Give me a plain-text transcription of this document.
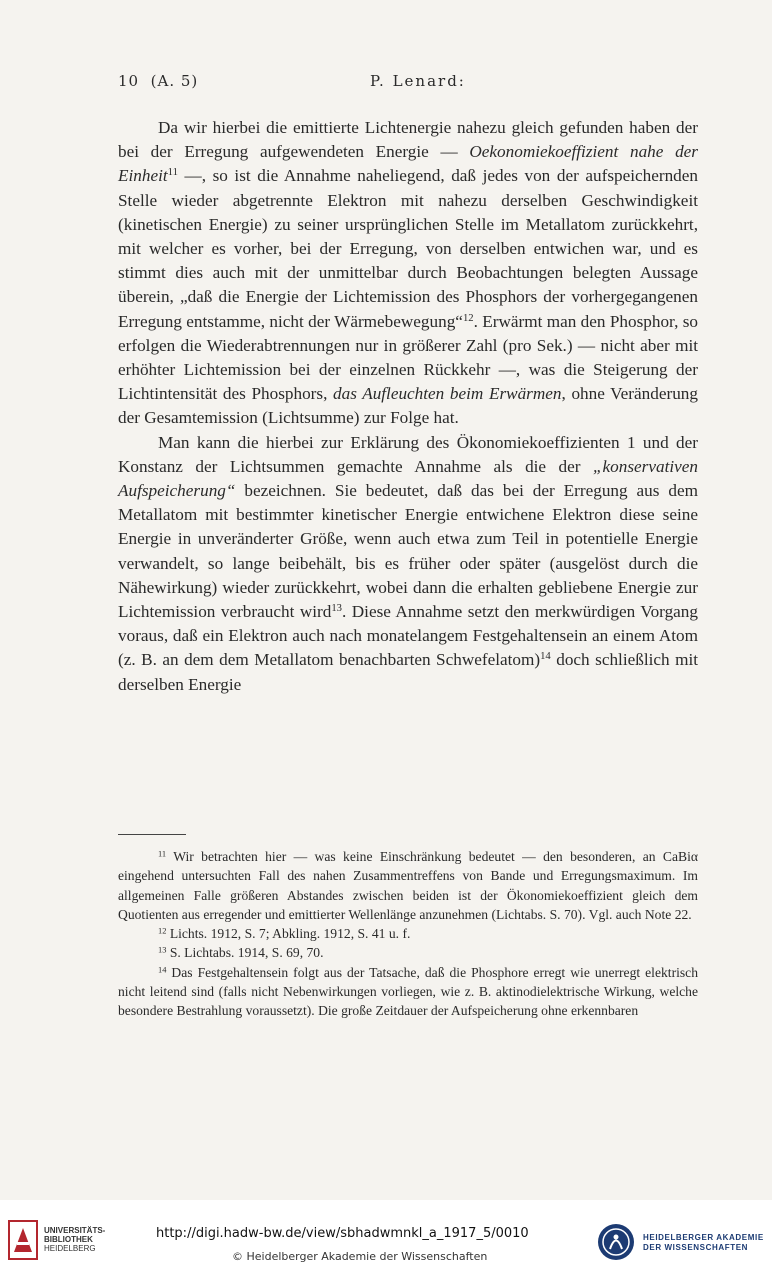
10 (A. 5)	P. Lenard:

Da wir hierbei die emittierte Lichtenergie nahezu gleich gefunden haben der bei der Erregung aufgewendeten Energie — Oekonomiekoeffizient nahe der Einheit$^{11}$ —, so ist die Annahme naheliegend, daß jedes von der aufspeichernden Stelle wieder abgetrennte Elektron mit nahezu derselben Geschwindigkeit (kinetischen Energie) zu seiner ursprünglichen Stelle im Metallatom zurückkehrt, mit welcher es vorher, bei der Erregung, von derselben entwichen war, und es stimmt dies auch mit der unmittelbar durch Beobachtungen belegten Aussage überein, „daß die Energie der Lichtemission des Phosphors der vorhergegangenen Erregung entstamme, nicht der Wärmebewegung“$^{12}$. Erwärmt man den Phosphor, so erfolgen die Wiederabtrennungen nur in größerer Zahl (pro Sek.) — nicht aber mit erhöhter Lichtemission bei der einzelnen Rückkehr —, was die Steigerung der Lichtintensität des Phosphors, das Aufleuchten beim Erwärmen, ohne Veränderung der Gesamtemission (Lichtsumme) zur Folge hat.

Man kann die hierbei zur Erklärung des Ökonomiekoeffizienten 1 und der Konstanz der Lichtsummen gemachte Annahme als die der „konservativen Aufspeicherung“ bezeichnen. Sie bedeutet, daß das bei der Erregung aus dem Metallatom mit bestimmter kinetischer Energie entwichene Elektron diese seine Energie in unveränderter Größe, wenn auch etwa zum Teil in potentielle Energie verwandelt, so lange beibehält, bis es früher oder später (ausgelöst durch die Nähewirkung) wieder zurückkehrt, wobei dann die erhalten gebliebene Energie zur Lichtemission verbraucht wird$^{13}$. Diese Annahme setzt den merkwürdigen Vorgang voraus, daß ein Elektron auch nach monatelangem Festgehaltensein an einem Atom (z. B. an dem dem Metallatom benachbarten Schwefelatom)$^{14}$ doch schließlich mit derselben Energie

$^{11}$ Wir betrachten hier — was keine Einschränkung bedeutet — den besonderen, an CaBiα eingehend untersuchten Fall des nahen Zusammentreffens von Bande und Erregungsmaximum. Im allgemeinen Falle größeren Abstandes zwischen beiden ist der Ökonomiekoeffizient gleich dem Quotienten aus erregender und emittierter Wellenlänge anzunehmen (Lichtabs. S. 70). Vgl. auch Note 22.

$^{12}$ Lichts. 1912, S. 7; Abkling. 1912, S. 41 u. f.

$^{13}$ S. Lichtabs. 1914, S. 69, 70.

$^{14}$ Das Festgehaltensein folgt aus der Tatsache, daß die Phosphore erregt wie unerregt elektrisch nicht leitend sind (falls nicht Nebenwirkungen vorliegen, wie z. B. aktinodielektrische Wirkung, welche besondere Bestrahlung voraussetzt). Die große Zeitdauer der Aufspeicherung ohne erkennbaren

UNIVERSITÄTS-
BIBLIOTHEK
HEIDELBERG
http://digi.hadw-bw.de/view/sbhadwmnkl_a_1917_5/0010
© Heidelberger Akademie der Wissenschaften
HEIDELBERGER AKADEMIE
DER WISSENSCHAFTEN
